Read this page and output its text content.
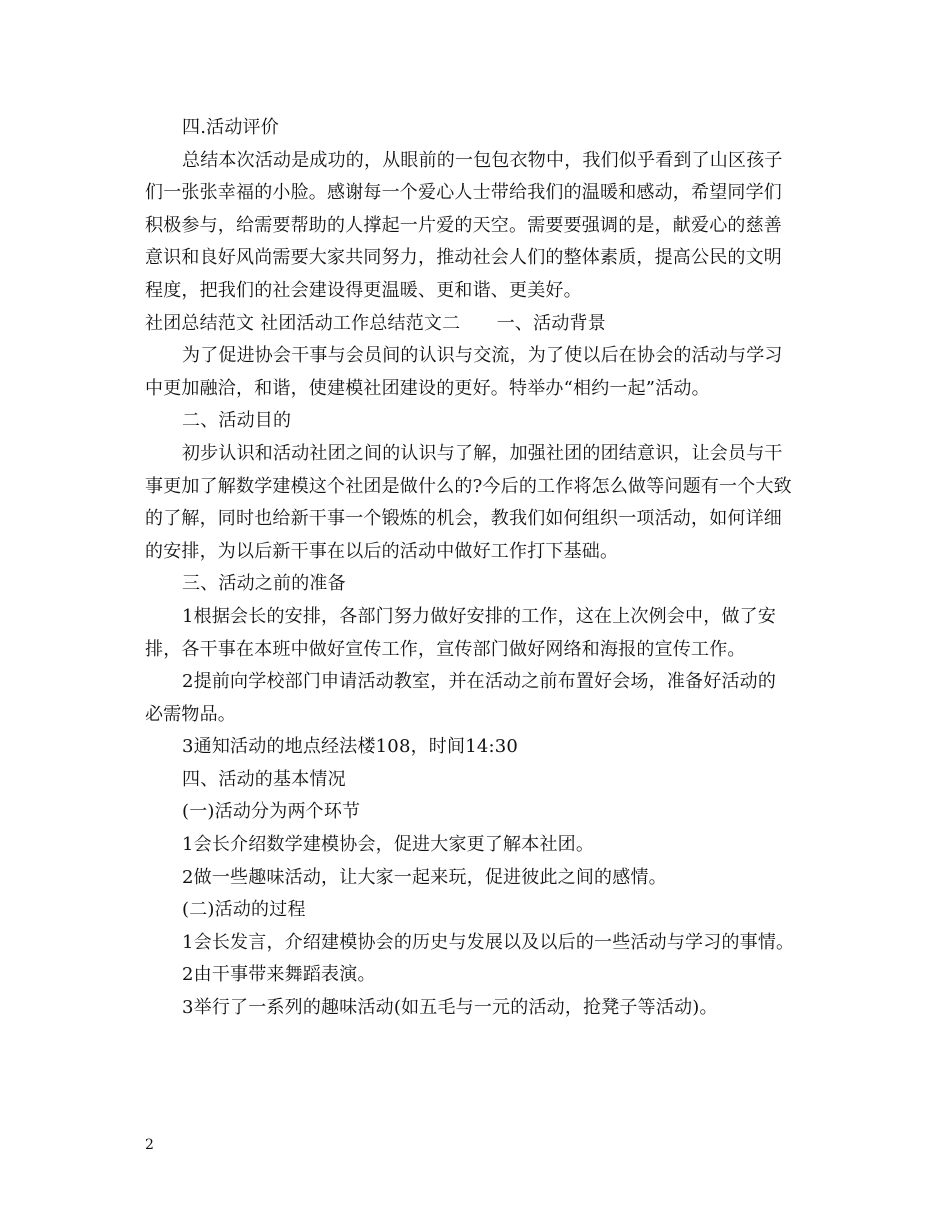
四.活动评价
总结本次活动是成功的，从眼前的一包包衣物中，我们似乎看到了山区孩子
们一张张幸福的小脸。感谢每一个爱心人士带给我们的温暖和感动，希望同学们
积极参与，给需要帮助的人撑起一片爱的天空。需要要强调的是，献爱心的慈善
意识和良好风尚需要大家共同努力，推动社会人们的整体素质，提高公民的文明
程度，把我们的社会建设得更温暖、更和谐、更美好。
社团总结范文 社团活动工作总结范文二　　一、活动背景
为了促进协会干事与会员间的认识与交流，为了使以后在协会的活动与学习
中更加融洽，和谐，使建模社团建设的更好。特举办“相约一起”活动。
二、活动目的
初步认识和活动社团之间的认识与了解，加强社团的团结意识，让会员与干
事更加了解数学建模这个社团是做什么的?今后的工作将怎么做等问题有一个大致
的了解，同时也给新干事一个锻炼的机会，教我们如何组织一项活动，如何详细
的安排，为以后新干事在以后的活动中做好工作打下基础。
三、活动之前的准备
1根据会长的安排，各部门努力做好安排的工作，这在上次例会中，做了安
排，各干事在本班中做好宣传工作，宣传部门做好网络和海报的宣传工作。
2提前向学校部门申请活动教室，并在活动之前布置好会场，准备好活动的
必需物品。
3通知活动的地点经法楼108，时间14:30
四、活动的基本情况
(一)活动分为两个环节
1会长介绍数学建模协会，促进大家更了解本社团。
2做一些趣味活动，让大家一起来玩，促进彼此之间的感情。
(二)活动的过程
1会长发言，介绍建模协会的历史与发展以及以后的一些活动与学习的事情。
2由干事带来舞蹈表演。
3举行了一系列的趣味活动(如五毛与一元的活动，抢凳子等活动)。
2
